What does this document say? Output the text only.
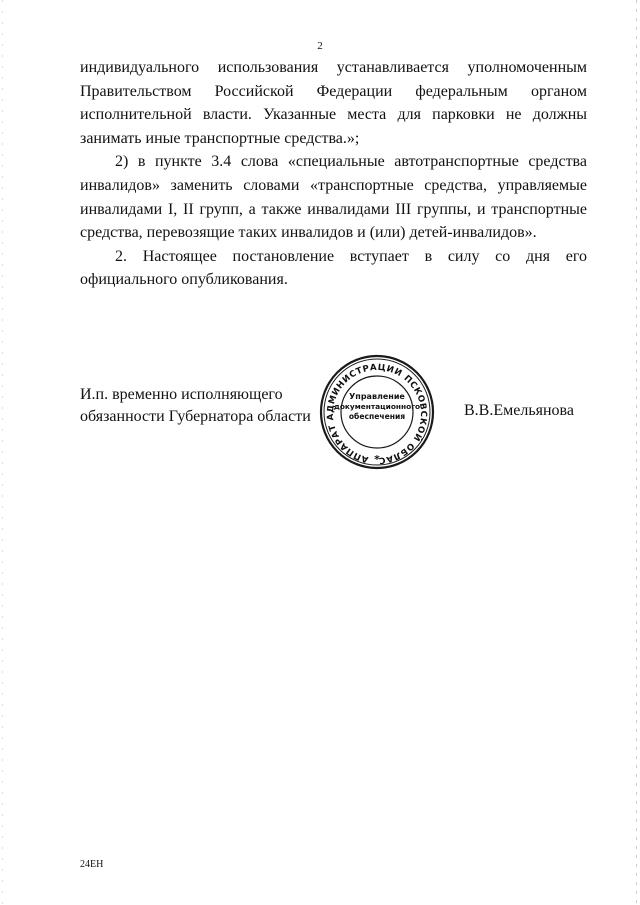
2

индивидуального использования устанавливается уполномоченным Правительством Российской Федерации федеральным органом исполнительной власти. Указанные места для парковки не должны занимать иные транспортные средства.»;

2) в пункте 3.4 слова «специальные автотранспортные средства инвалидов» заменить словами «транспортные средства, управляемые инвалидами I, II групп, а также инвалидами III группы, и транспортные средства, перевозящие таких инвалидов и (или) детей-инвалидов».

2. Настоящее постановление вступает в силу со дня его официального опубликования.

И.п. временно исполняющего
обязанности Губернатора области
АППАРАТ АДМИНИСТРАЦИИ ПСКОВСКОЙ ОБЛАС
Управление
документационного
обеспечения
*
В.В.Емельянова
24ЕН
